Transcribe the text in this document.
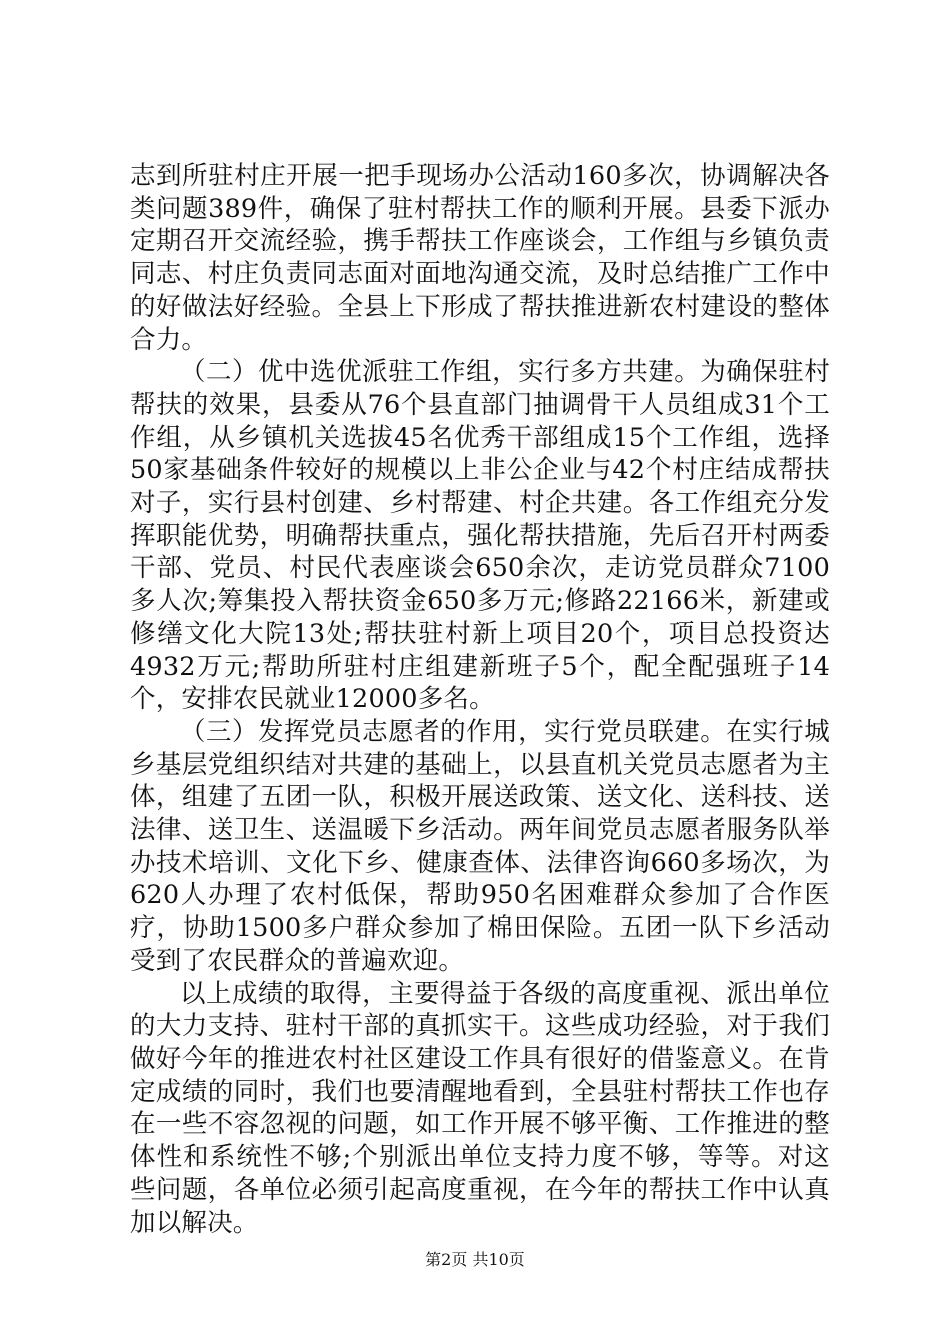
志到所驻村庄开展一把手现场办公活动160多次，协调解决各类问题389件，确保了驻村帮扶工作的顺利开展。县委下派办定期召开交流经验，携手帮扶工作座谈会，工作组与乡镇负责同志、村庄负责同志面对面地沟通交流，及时总结推广工作中的好做法好经验。全县上下形成了帮扶推进新农村建设的整体合力。

（二）优中选优派驻工作组，实行多方共建。为确保驻村帮扶的效果，县委从76个县直部门抽调骨干人员组成31个工作组，从乡镇机关选拔45名优秀干部组成15个工作组，选择50家基础条件较好的规模以上非公企业与42个村庄结成帮扶对子，实行县村创建、乡村帮建、村企共建。各工作组充分发挥职能优势，明确帮扶重点，强化帮扶措施，先后召开村两委干部、党员、村民代表座谈会650余次，走访党员群众7100多人次;筹集投入帮扶资金650多万元;修路22166米，新建或修缮文化大院13处;帮扶驻村新上项目20个，项目总投资达4932万元;帮助所驻村庄组建新班子5个，配全配强班子14个，安排农民就业12000多名。

（三）发挥党员志愿者的作用，实行党员联建。在实行城乡基层党组织结对共建的基础上，以县直机关党员志愿者为主体，组建了五团一队，积极开展送政策、送文化、送科技、送法律、送卫生、送温暖下乡活动。两年间党员志愿者服务队举办技术培训、文化下乡、健康查体、法律咨询660多场次，为620人办理了农村低保，帮助950名困难群众参加了合作医疗，协助1500多户群众参加了棉田保险。五团一队下乡活动受到了农民群众的普遍欢迎。

以上成绩的取得，主要得益于各级的高度重视、派出单位的大力支持、驻村干部的真抓实干。这些成功经验，对于我们做好今年的推进农村社区建设工作具有很好的借鉴意义。在肯定成绩的同时，我们也要清醒地看到，全县驻村帮扶工作也存在一些不容忽视的问题，如工作开展不够平衡、工作推进的整体性和系统性不够;个别派出单位支持力度不够，等等。对这些问题，各单位必须引起高度重视，在今年的帮扶工作中认真加以解决。

第2页 共10页
